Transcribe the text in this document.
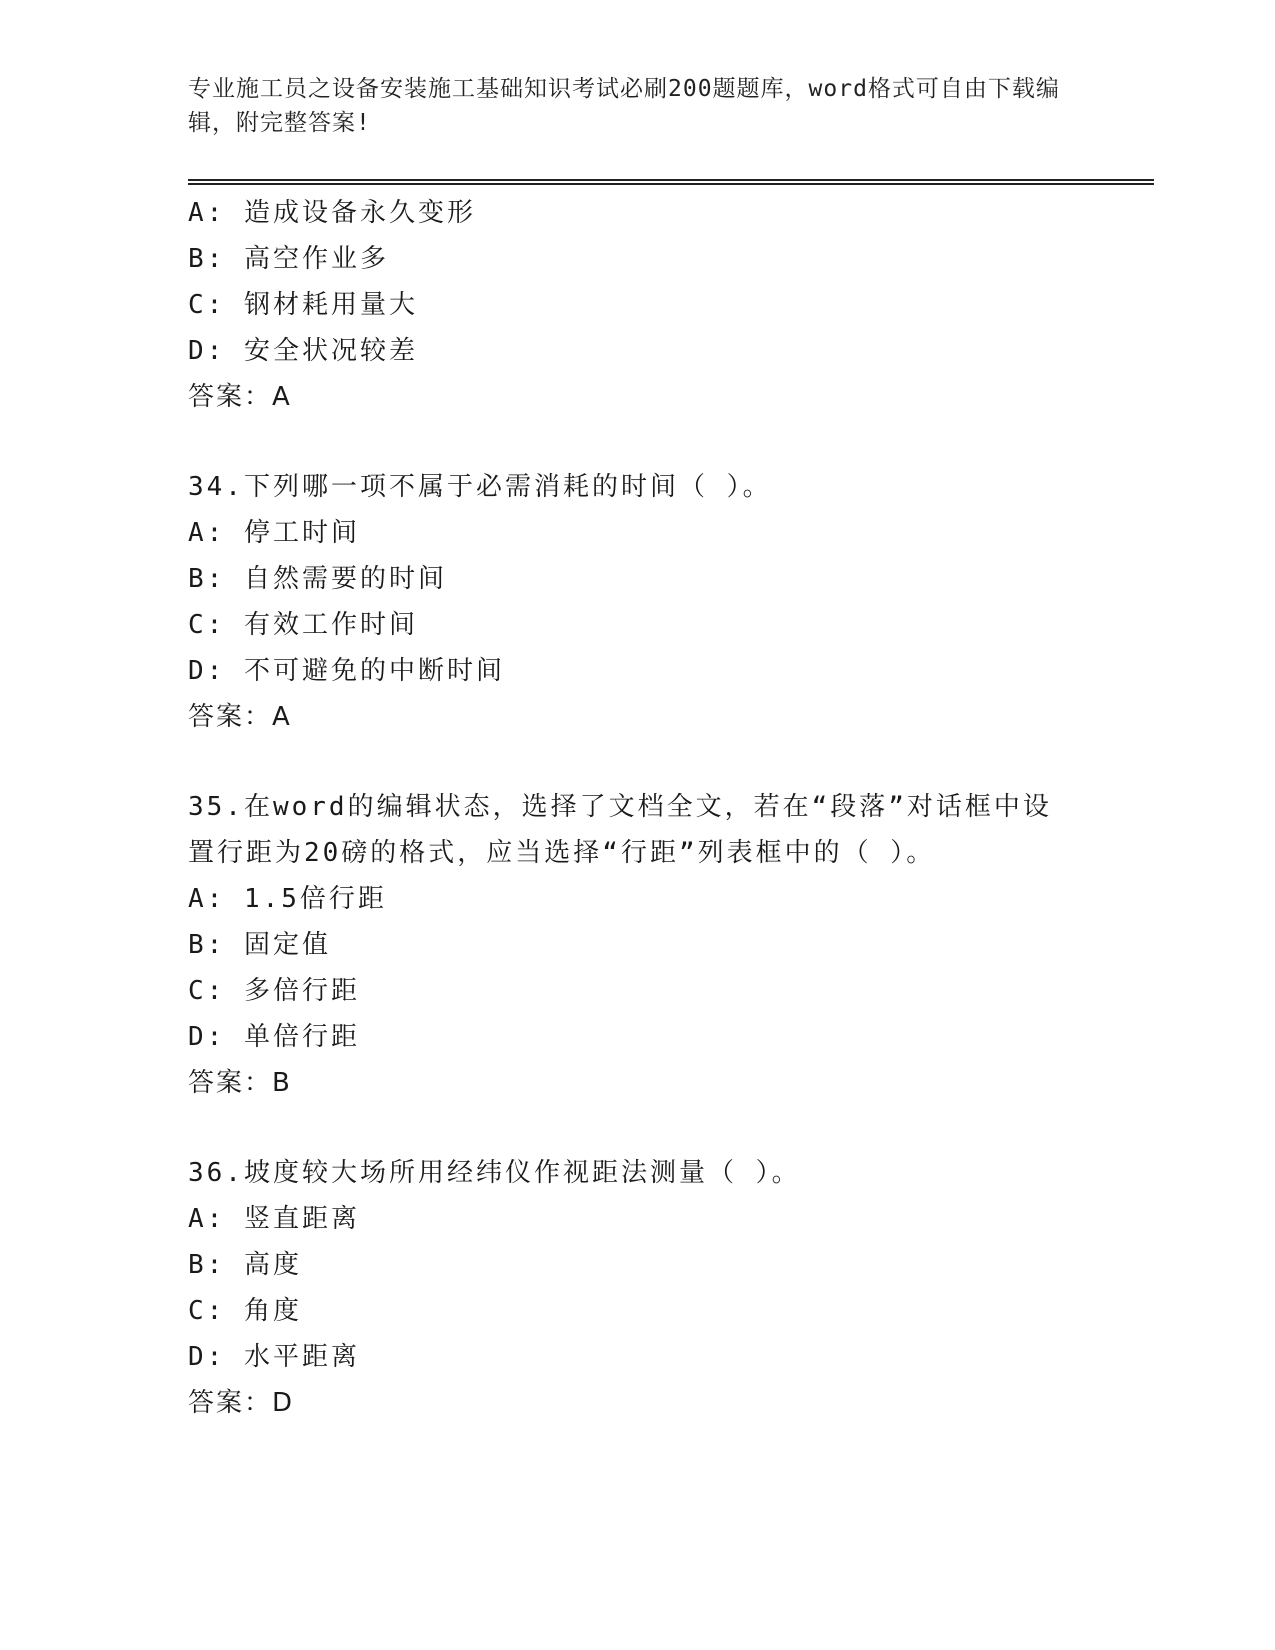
专业施工员之设备安装施工基础知识考试必刷200题题库，word格式可自由下载编辑，附完整答案!
A: 造成设备永久变形
B: 高空作业多
C: 钢材耗用量大
D: 安全状况较差
答案：A
34.下列哪一项不属于必需消耗的时间（ ）。
A: 停工时间
B: 自然需要的时间
C: 有效工作时间
D: 不可避免的中断时间
答案：A
35.在word的编辑状态，选择了文档全文，若在“段落”对话框中设置行距为20磅的格式，应当选择“行距”列表框中的（ ）。
A: 1.5倍行距
B: 固定值
C: 多倍行距
D: 单倍行距
答案：B
36.坡度较大场所用经纬仪作视距法测量（ ）。
A: 竖直距离
B: 高度
C: 角度
D: 水平距离
答案：D
